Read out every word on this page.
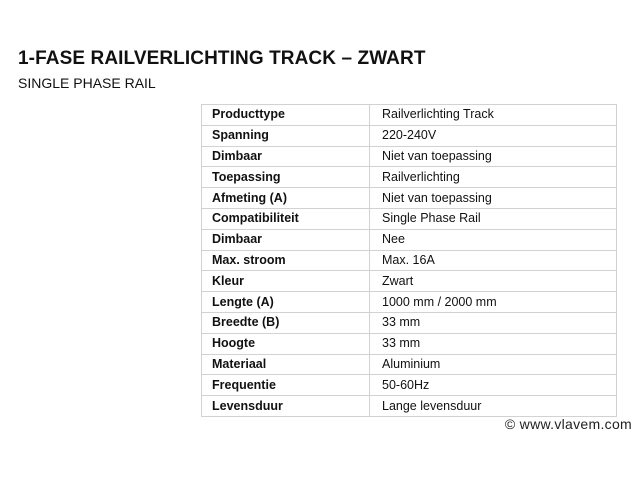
1-FASE RAILVERLICHTING TRACK – ZWART
SINGLE PHASE RAIL
Producttype	Railverlichting Track
Spanning	220-240V
Dimbaar	Niet van toepassing
Toepassing	Railverlichting
Afmeting (A)	Niet van toepassing
Compatibiliteit	Single Phase Rail
Dimbaar	Nee
Max. stroom	Max. 16A
Kleur	Zwart
Lengte (A)	1000 mm / 2000 mm
Breedte (B)	33 mm
Hoogte	33 mm
Materiaal	Aluminium
Frequentie	50-60Hz
Levensduur	Lange levensduur
© www.vlavem.com
